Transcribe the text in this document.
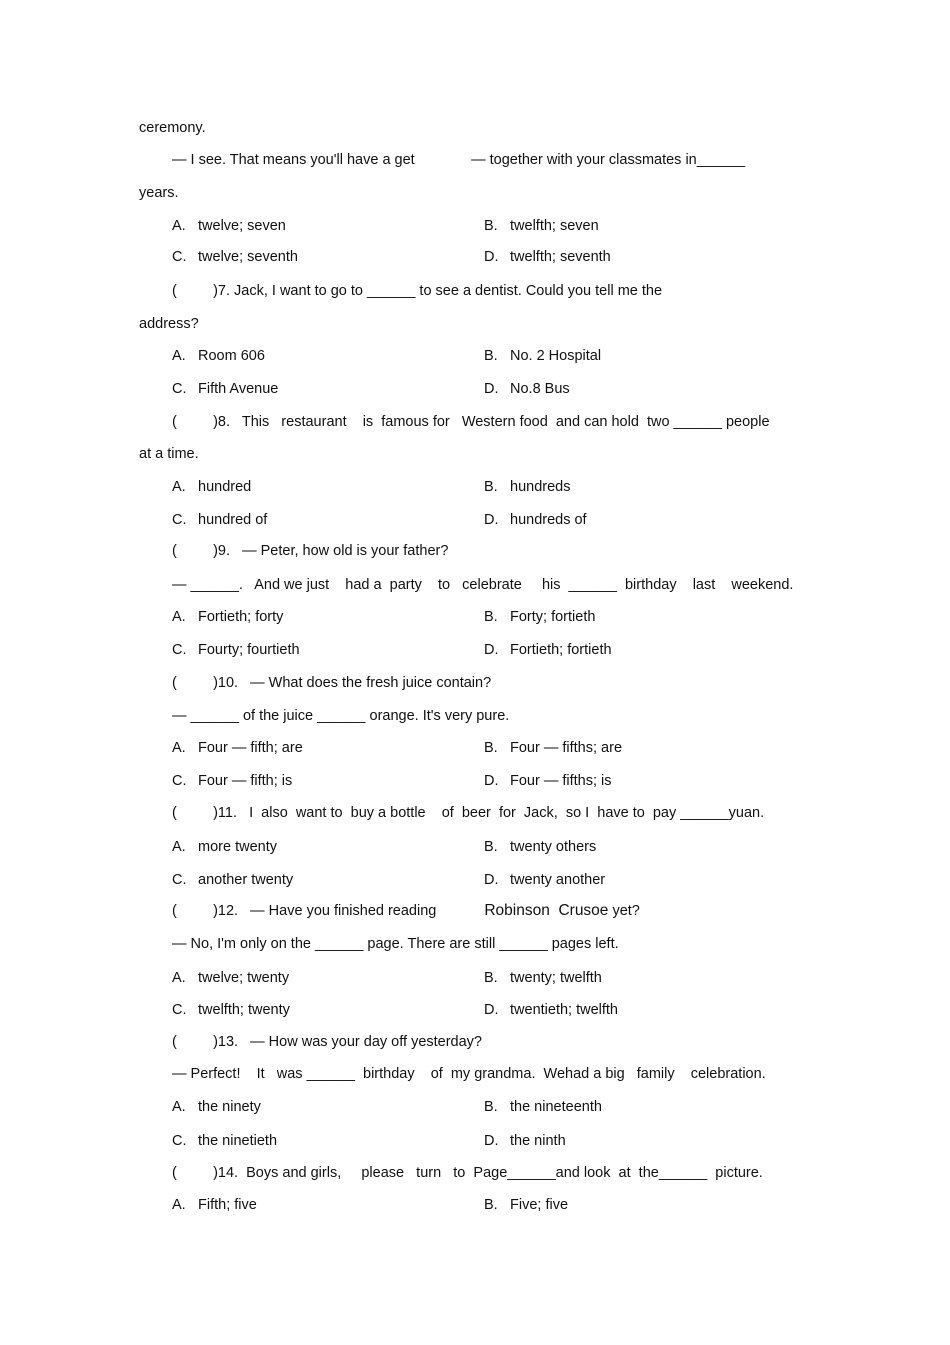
ceremony.
— I see. That means you'll have a get              — together with your classmates in______
years.
A. twelve; seven	B. twelfth; seven
C. twelve; seventh	D. twelfth; seventh
(         )7. Jack, I want to go to ______ to see a dentist. Could you tell me the
address?
A. Room 606	B. No. 2 Hospital
C. Fifth Avenue	D. No.8 Bus
(         )8.   This   restaurant    is  famous for   Western food  and can hold  two ______ people
at a time.
A. hundred	B. hundreds
C. hundred of	D. hundreds of
(         )9.   — Peter, how old is your father?
— ______.   And we just    had a  party    to   celebrate     his  ______  birthday    last    weekend.
A. Fortieth; forty	B. Forty; fortieth
C. Fourty; fourtieth	D. Fortieth; fortieth
(         )10.   — What does the fresh juice contain?
— ______ of the juice ______ orange. It's very pure.
A. Four — fifth; are	B. Four — fifths; are
C. Four — fifth; is	D. Four — fifths; is
(         )11.   I  also  want to  buy a bottle    of  beer  for  Jack,  so I  have to  pay ______yuan.
A. more twenty	B. twenty others
C. another twenty	D. twenty another
(         )12.   — Have you finished reading	Robinson  Crusoe yet?
— No, I'm only on the ______ page. There are still ______ pages left.
A. twelve; twenty	B. twenty; twelfth
C. twelfth; twenty	D. twentieth; twelfth
(         )13.   — How was your day off yesterday?
— Perfect!    It   was ______  birthday    of  my grandma.  Wehad a big   family    celebration.
A. the ninety	B. the nineteenth
C. the ninetieth	D. the ninth
(         )14.  Boys and girls,     please   turn   to  Page______and look  at  the______  picture.
A. Fifth; five	B. Five; five
